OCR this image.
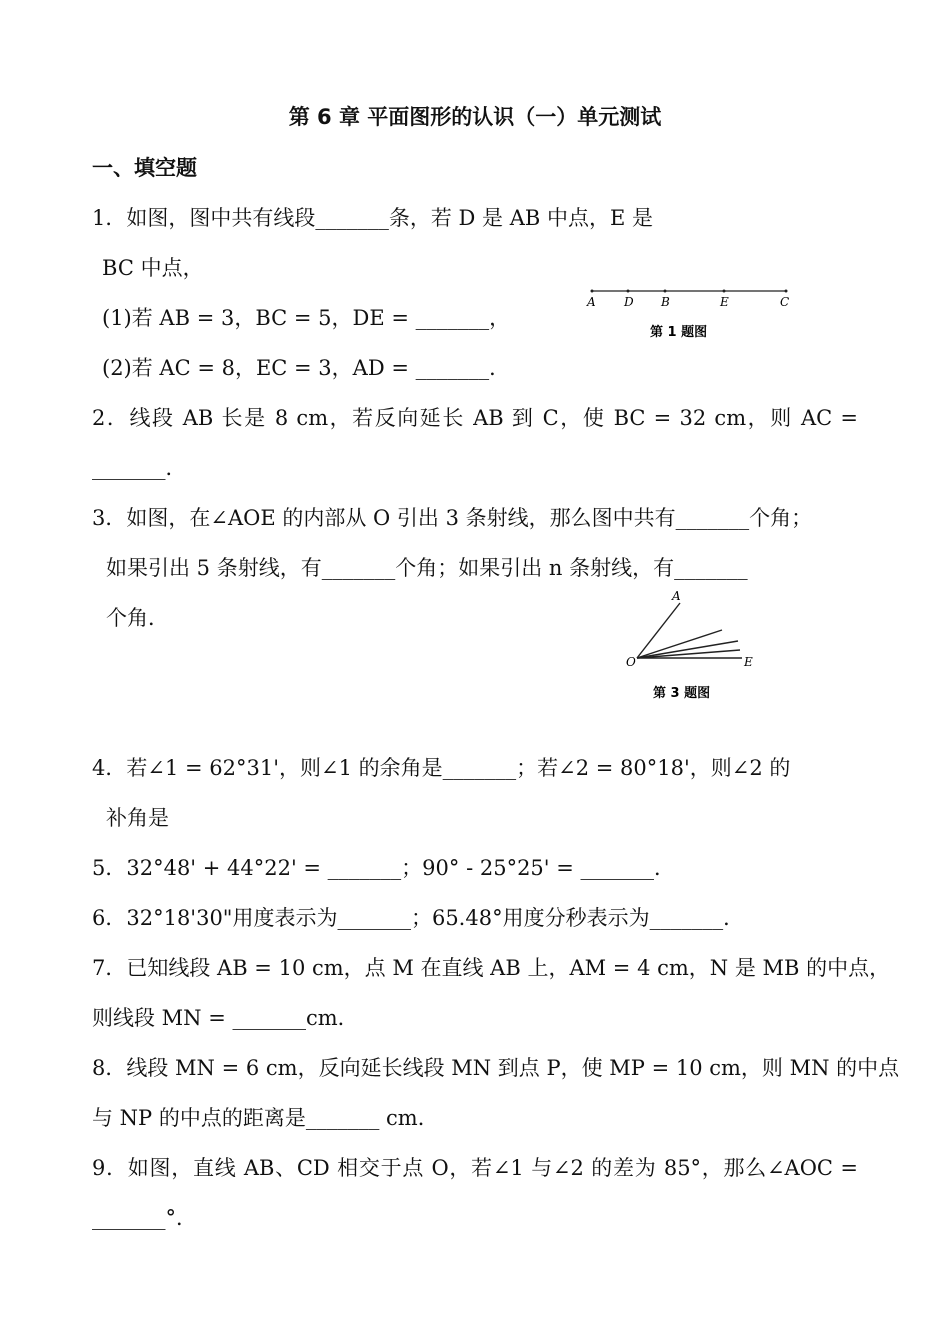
第 6 章 平面图形的认识（一）单元测试
一、填空题
1．如图，图中共有线段_______条，若 D 是 AB 中点，E 是
BC 中点，
(1)若 AB = 3，BC = 5，DE = _______，
(2)若 AC = 8，EC = 3，AD = _______．
A D B	E	C
第 1 题图
2．线段 AB 长是 8 cm，若反向延长 AB 到 C，使 BC = 32 cm，则 AC =
_______．
3．如图，在∠AOE 的内部从 O 引出 3 条射线，那么图中共有_______个角；
如果引出 5 条射线，有_______个角；如果引出 n 条射线，有_______
个角．
A
O	E
第 3 题图
4．若∠1 = 62°31'，则∠1 的余角是_______；若∠2 = 80°18'，则∠2 的
补角是
5．32°48' + 44°22' = _______；90° - 25°25' = _______．
6．32°18'30"用度表示为_______；65.48°用度分秒表示为_______．
7．已知线段 AB = 10 cm，点 M 在直线 AB 上，AM = 4 cm，N 是 MB 的中点，
则线段 MN = _______cm．
8．线段 MN = 6 cm，反向延长线段 MN 到点 P，使 MP = 10 cm，则 MN 的中点
与 NP 的中点的距离是_______ cm．
9．如图，直线 AB、CD 相交于点 O，若∠1 与∠2 的差为 85°，那么∠AOC =
_______°．
